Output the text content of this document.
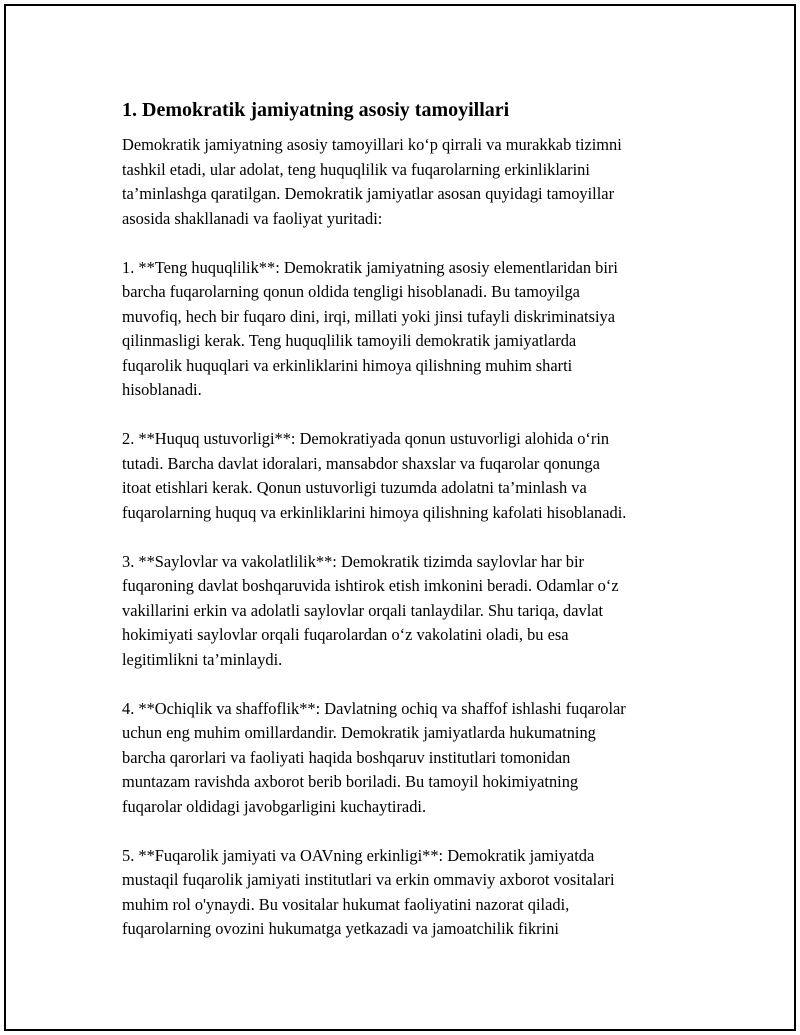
1. Demokratik jamiyatning asosiy tamoyillari
Demokratik jamiyatning asosiy tamoyillari ko‘p qirrali va murakkab tizimni
tashkil etadi, ular adolat, teng huquqlilik va fuqarolarning erkinliklarini
ta’minlashga qaratilgan. Demokratik jamiyatlar asosan quyidagi tamoyillar
asosida shakllanadi va faoliyat yuritadi:
1. **Teng huquqlilik**: Demokratik jamiyatning asosiy elementlaridan biri
barcha fuqarolarning qonun oldida tengligi hisoblanadi. Bu tamoyilga
muvofiq, hech bir fuqaro dini, irqi, millati yoki jinsi tufayli diskriminatsiya
qilinmasligi kerak. Teng huquqlilik tamoyili demokratik jamiyatlarda
fuqarolik huquqlari va erkinliklarini himoya qilishning muhim sharti
hisoblanadi.
2. **Huquq ustuvorligi**: Demokratiyada qonun ustuvorligi alohida o‘rin
tutadi. Barcha davlat idoralari, mansabdor shaxslar va fuqarolar qonunga
itoat etishlari kerak. Qonun ustuvorligi tuzumda adolatni ta’minlash va
fuqarolarning huquq va erkinliklarini himoya qilishning kafolati hisoblanadi.
3. **Saylovlar va vakolatlilik**: Demokratik tizimda saylovlar har bir
fuqaroning davlat boshqaruvida ishtirok etish imkonini beradi. Odamlar o‘z
vakillarini erkin va adolatli saylovlar orqali tanlaydilar. Shu tariqa, davlat
hokimiyati saylovlar orqali fuqarolardan o‘z vakolatini oladi, bu esa
legitimlikni ta’minlaydi.
4. **Ochiqlik va shaffoflik**: Davlatning ochiq va shaffof ishlashi fuqarolar
uchun eng muhim omillardandir. Demokratik jamiyatlarda hukumatning
barcha qarorlari va faoliyati haqida boshqaruv institutlari tomonidan
muntazam ravishda axborot berib boriladi. Bu tamoyil hokimiyatning
fuqarolar oldidagi javobgarligini kuchaytiradi.
5. **Fuqarolik jamiyati va OAVning erkinligi**: Demokratik jamiyatda
mustaqil fuqarolik jamiyati institutlari va erkin ommaviy axborot vositalari
muhim rol o'ynaydi. Bu vositalar hukumat faoliyatini nazorat qiladi,
fuqarolarning ovozini hukumatga yetkazadi va jamoatchilik fikrini
